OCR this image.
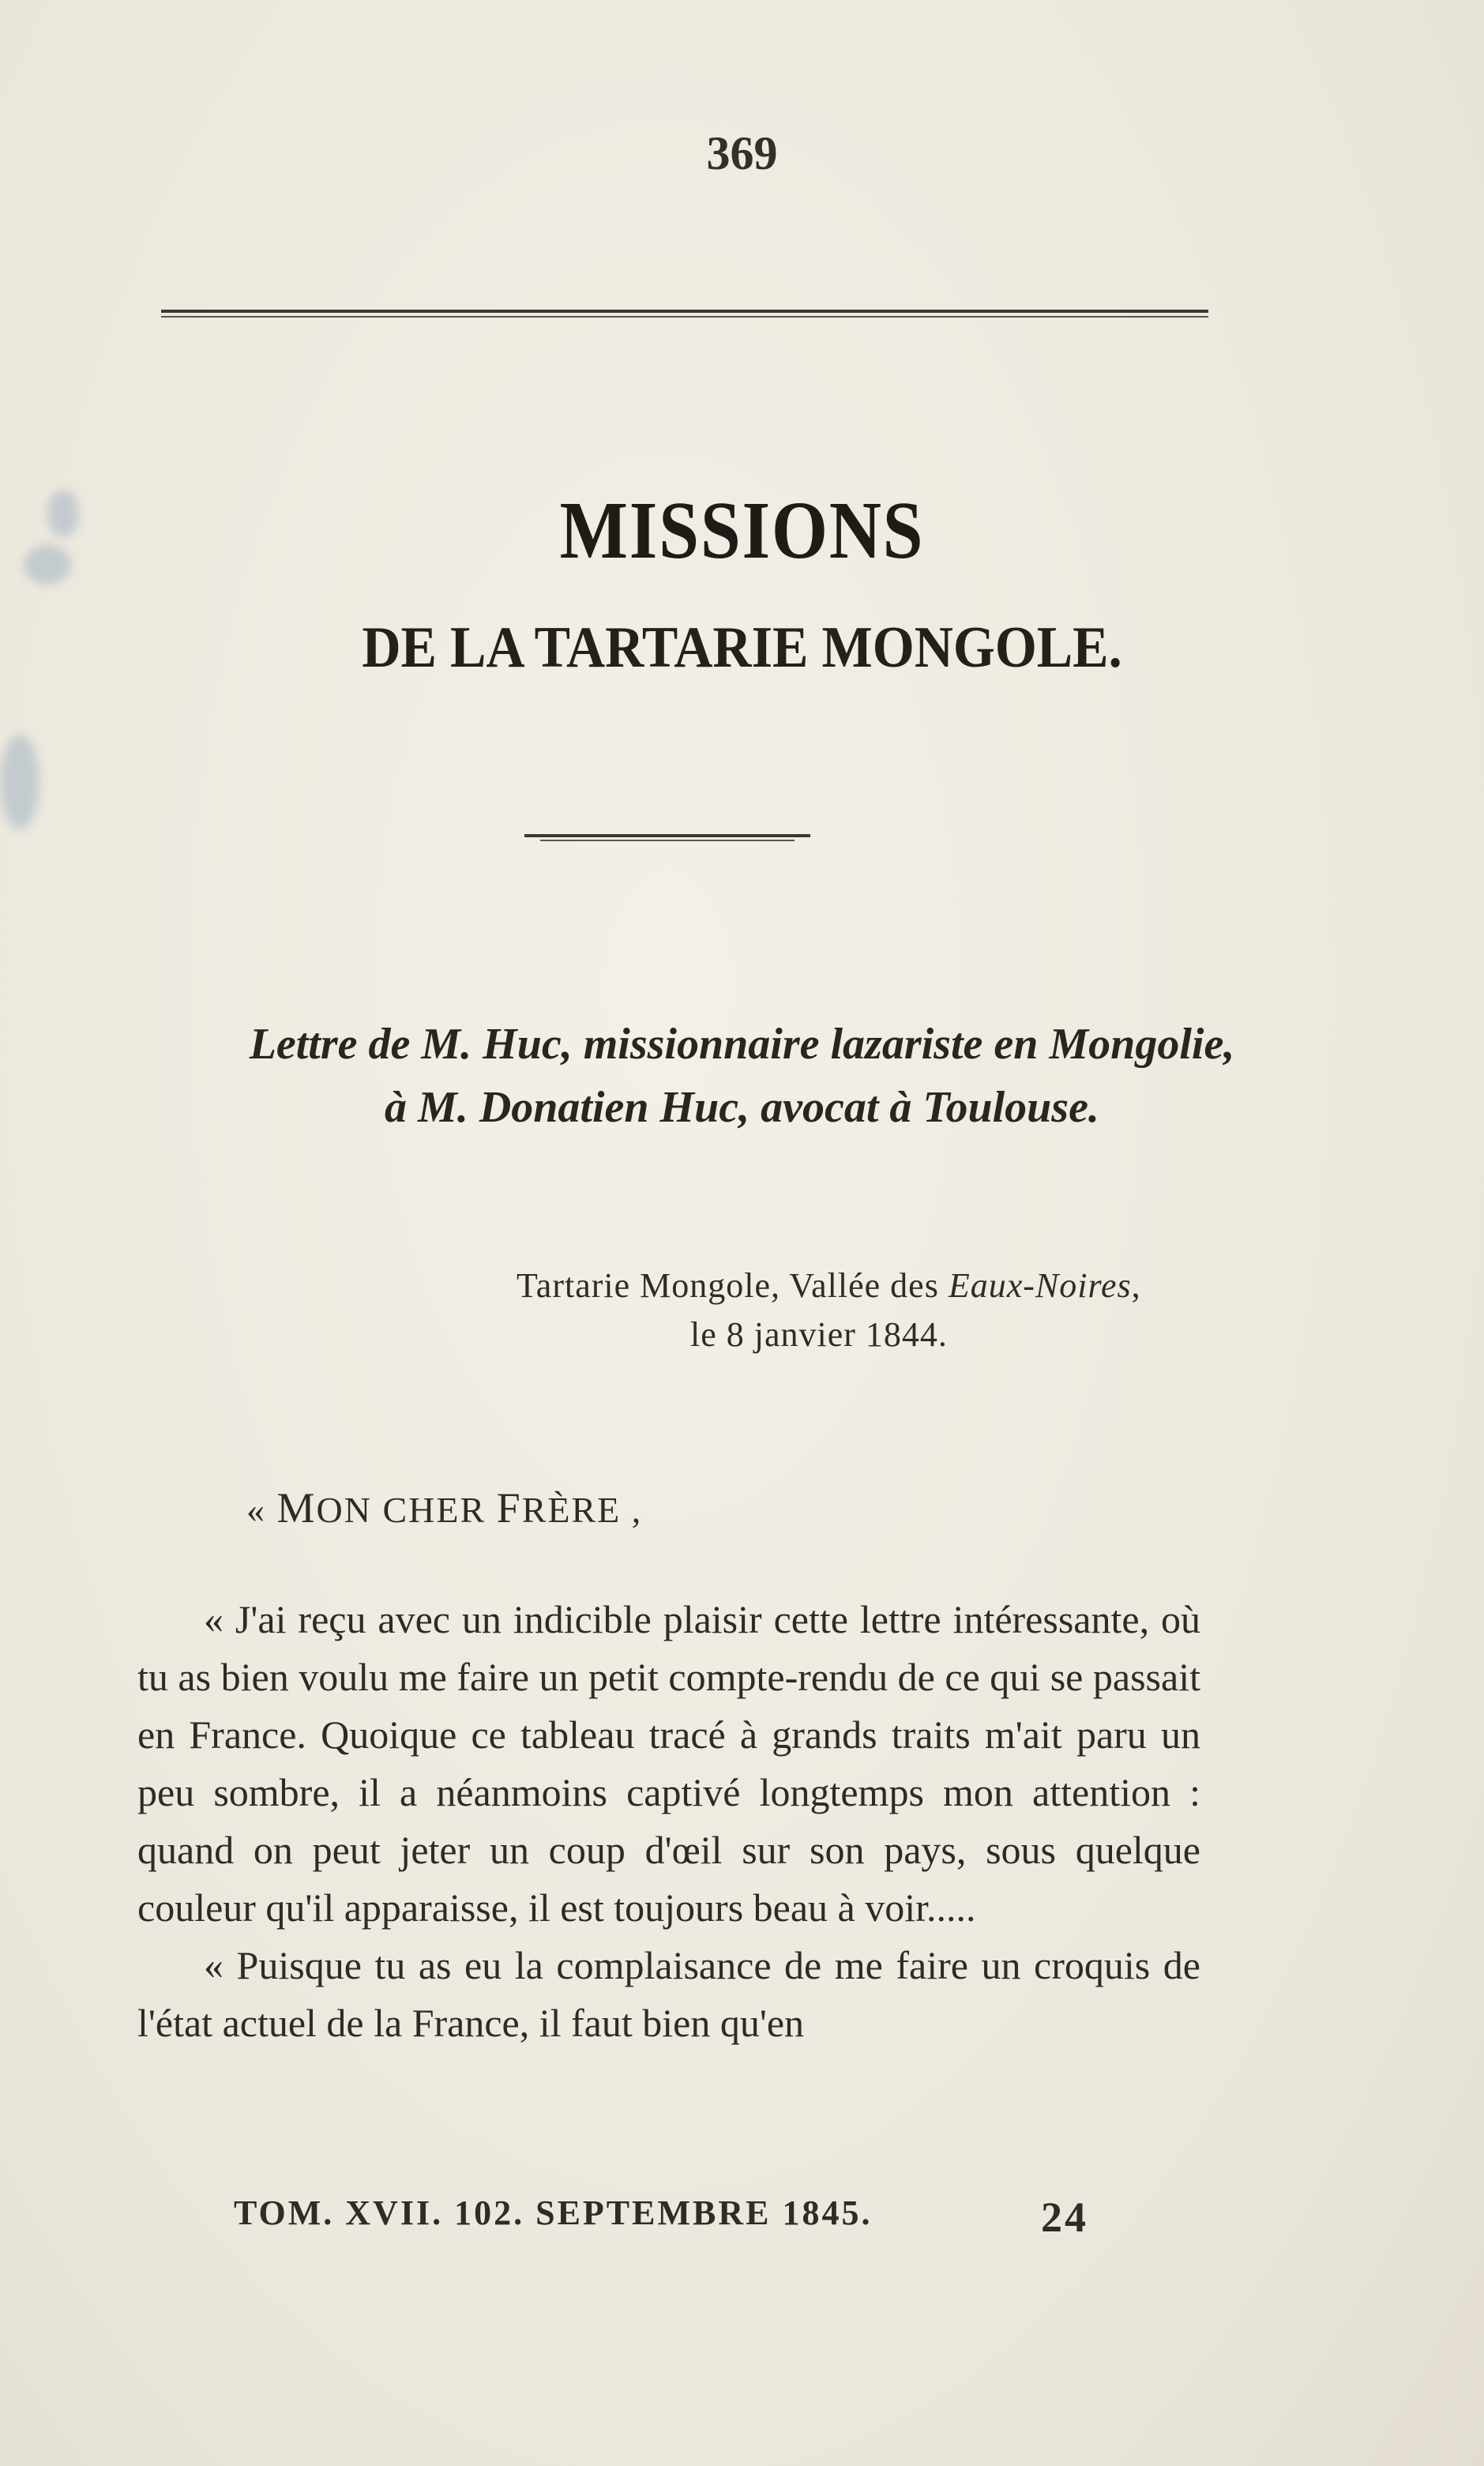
369
MISSIONS
DE LA TARTARIE MONGOLE.
Lettre de M. Huc, missionnaire lazariste en Mongolie,
à M. Donatien Huc, avocat à Toulouse.
Tartarie Mongole, Vallée des Eaux-Noires,
le 8 janvier 1844.
« MON CHER FRÈRE ,

« J'ai reçu avec un indicible plaisir cette lettre intéressante, où tu as bien voulu me faire un petit compte-rendu de ce qui se passait en France. Quoique ce tableau tracé à grands traits m'ait paru un peu sombre, il a néanmoins captivé longtemps mon attention : quand on peut jeter un coup d'œil sur son pays, sous quelque couleur qu'il apparaisse, il est toujours beau à voir.....

« Puisque tu as eu la complaisance de me faire un croquis de l'état actuel de la France, il faut bien qu'en

TOM. XVII. 102. SEPTEMBRE 1845.	24
